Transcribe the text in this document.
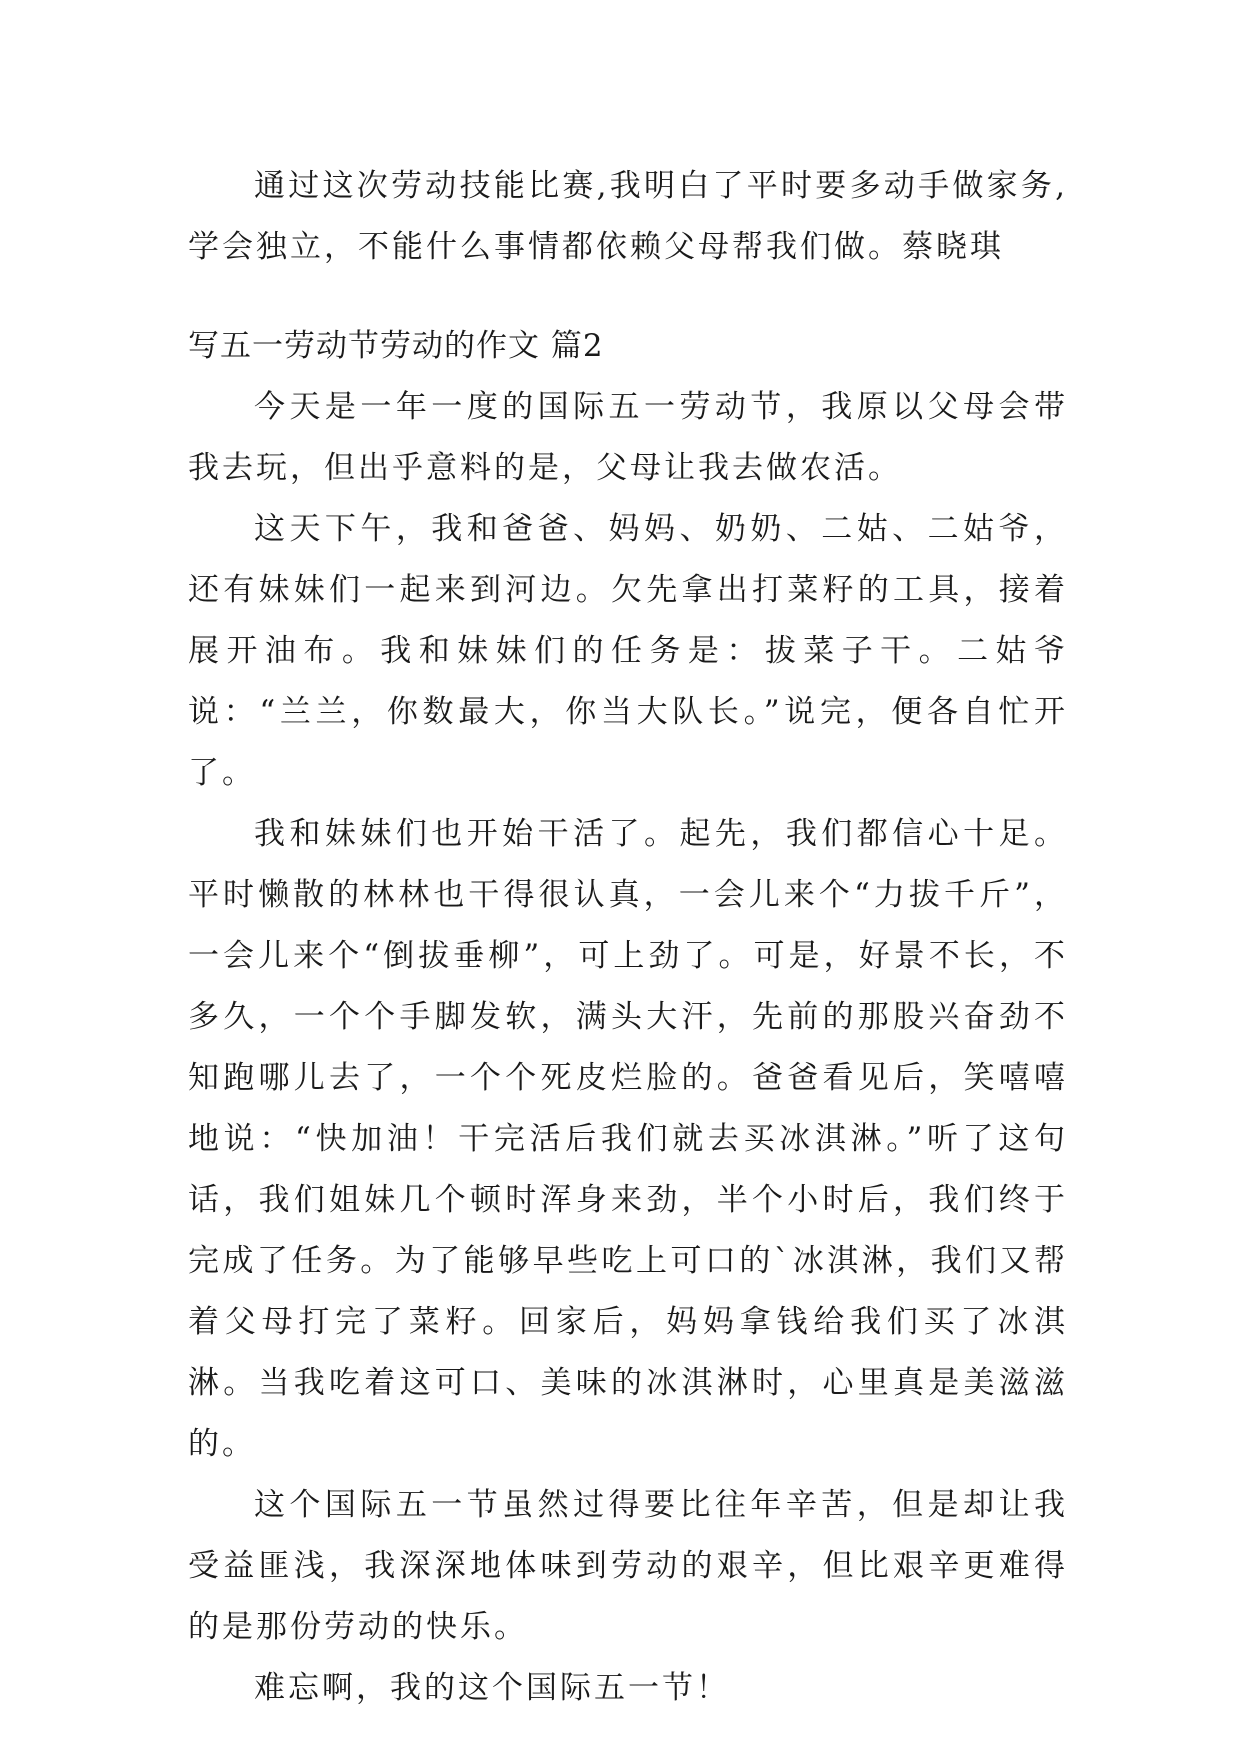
通过这次劳动技能比赛,我明白了平时要多动手做家务,学会独立，不能什么事情都依赖父母帮我们做。蔡晓琪

写五一劳动节劳动的作文 篇2

今天是一年一度的国际五一劳动节，我原以父母会带我去玩，但出乎意料的是，父母让我去做农活。

这天下午，我和爸爸、妈妈、奶奶、二姑、二姑爷，还有妹妹们一起来到河边。欠先拿出打菜籽的工具，接着展开油布。我和妹妹们的任务是：拔菜子干。二姑爷说：“兰兰，你数最大，你当大队长。”说完，便各自忙开了。

我和妹妹们也开始干活了。起先，我们都信心十足。平时懒散的林林也干得很认真，一会儿来个“力拔千斤”，一会儿来个“倒拔垂柳”，可上劲了。可是，好景不长，不多久，一个个手脚发软，满头大汗，先前的那股兴奋劲不知跑哪儿去了，一个个死皮烂脸的。爸爸看见后，笑嘻嘻地说：“快加油！干完活后我们就去买冰淇淋。”听了这句话，我们姐妹几个顿时浑身来劲，半个小时后，我们终于完成了任务。为了能够早些吃上可口的`冰淇淋，我们又帮着父母打完了菜籽。回家后，妈妈拿钱给我们买了冰淇淋。当我吃着这可口、美味的冰淇淋时，心里真是美滋滋的。

这个国际五一节虽然过得要比往年辛苦，但是却让我受益匪浅，我深深地体味到劳动的艰辛，但比艰辛更难得的是那份劳动的快乐。

难忘啊，我的这个国际五一节！
